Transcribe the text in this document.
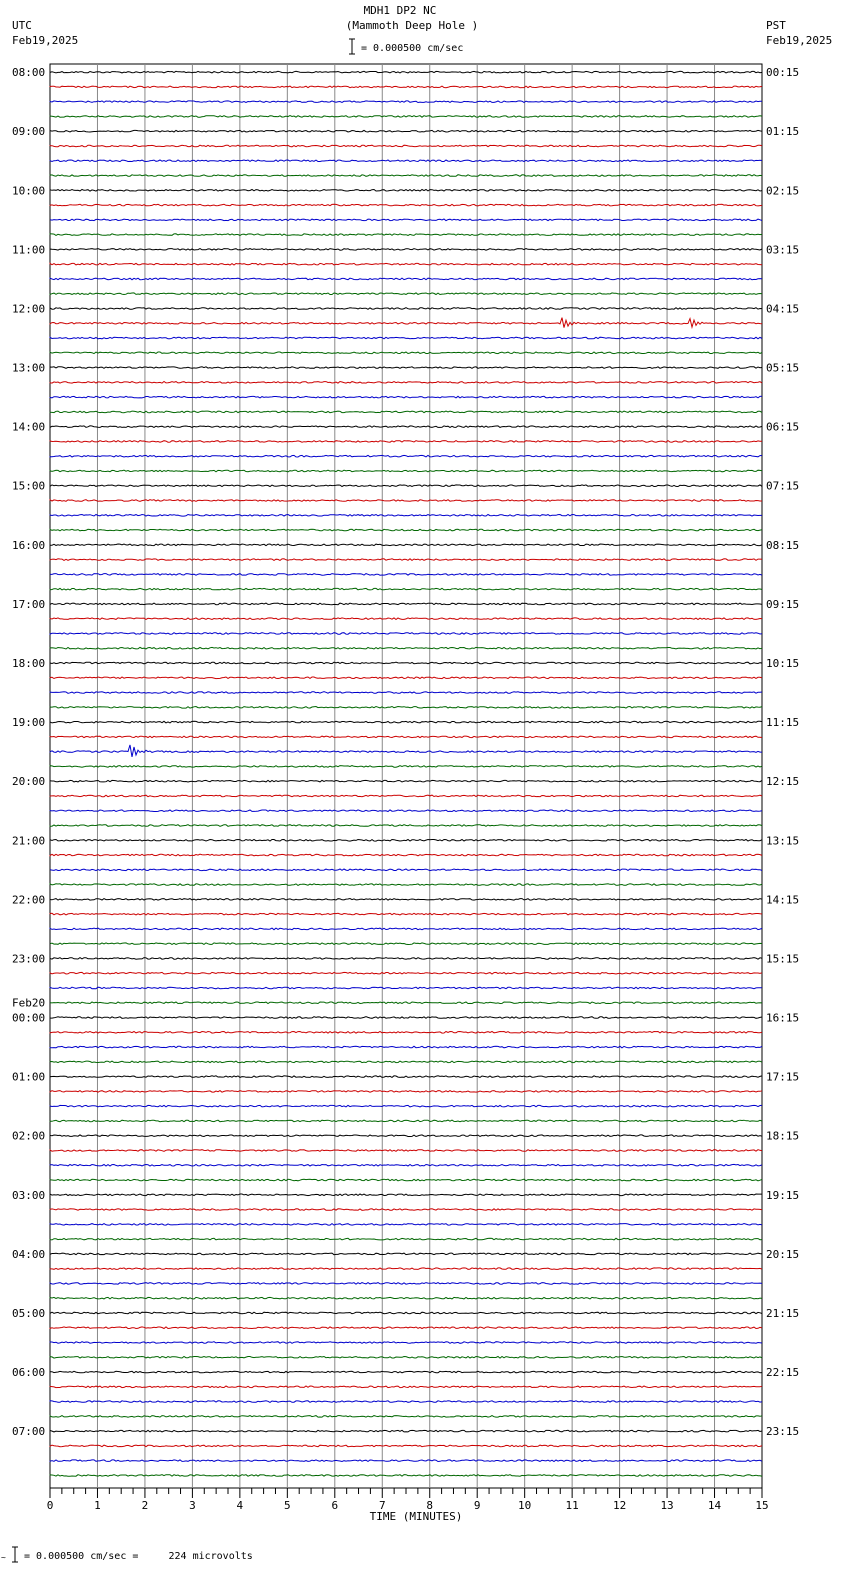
MDH1 DP2 NC
(Mammoth Deep Hole )
= 0.000500 cm/sec
UTC
Feb19,2025
PST
Feb19,2025
08:00	00:15
09:00	01:15
10:00	02:15
11:00	03:15
12:00	04:15
13:00	05:15
14:00	06:15
15:00	07:15
16:00	08:15
17:00	09:15
18:00	10:15
19:00	11:15
20:00	12:15
21:00	13:15
22:00	14:15
23:00	15:15
00:00	16:15
01:00	17:15
02:00	18:15
03:00	19:15
04:00	20:15
05:00	21:15
06:00	22:15
07:00	23:15
Feb20
0	1	2	3	4	5	6	7	8	9	10	11	12	13	14	15
TIME (MINUTES)
~ = 0.000500 cm/sec =     224 microvolts
